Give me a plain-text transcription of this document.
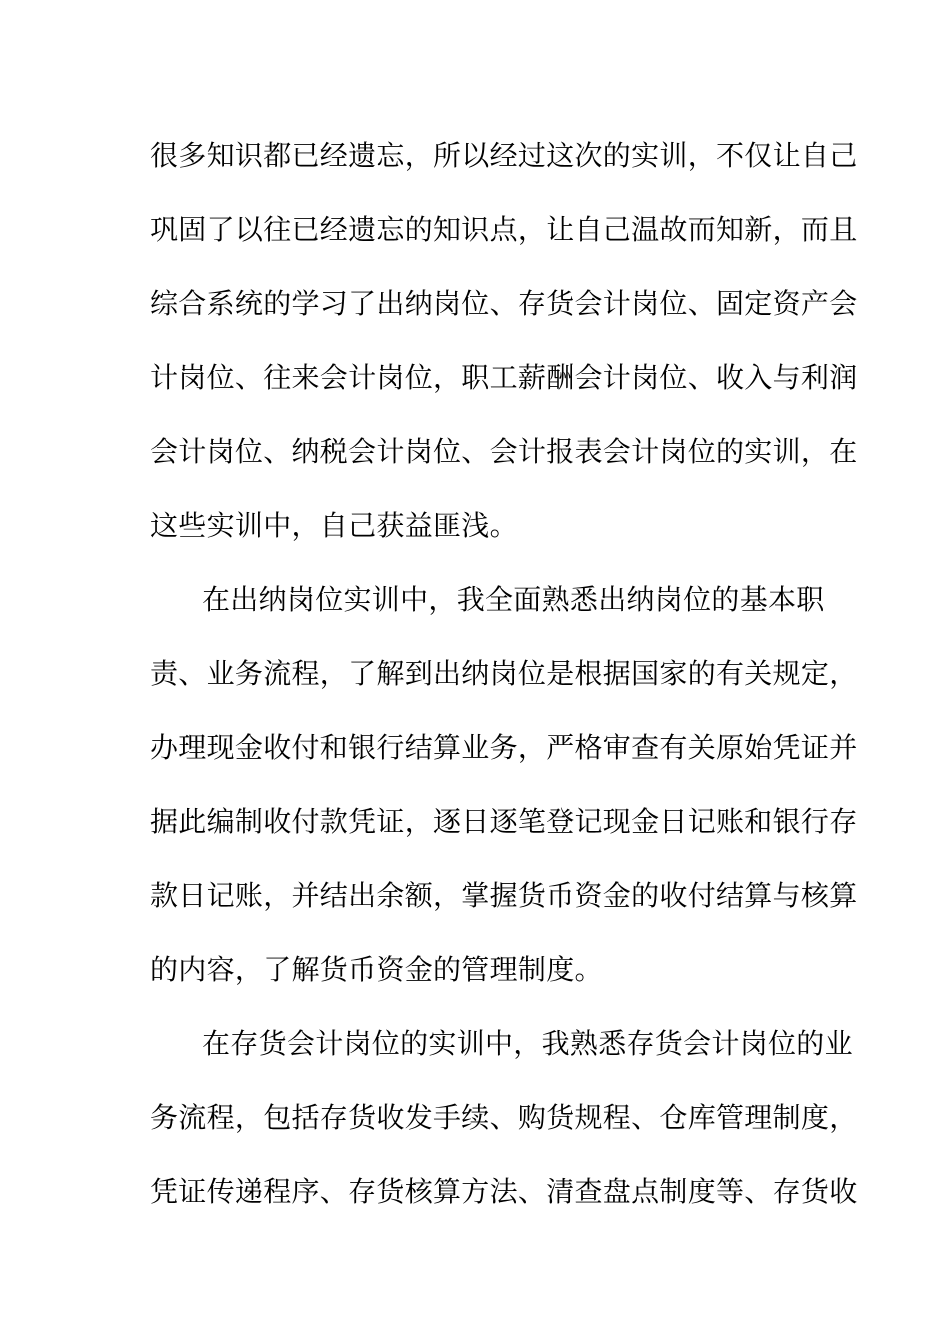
很多知识都已经遗忘，所以经过这次的实训，不仅让自己
巩固了以往已经遗忘的知识点，让自己温故而知新，而且
综合系统的学习了出纳岗位、存货会计岗位、固定资产会
计岗位、往来会计岗位，职工薪酬会计岗位、收入与利润
会计岗位、纳税会计岗位、会计报表会计岗位的实训，在
这些实训中，自己获益匪浅。
在出纳岗位实训中，我全面熟悉出纳岗位的基本职
责、业务流程，了解到出纳岗位是根据国家的有关规定，
办理现金收付和银行结算业务，严格审查有关原始凭证并
据此编制收付款凭证，逐日逐笔登记现金日记账和银行存
款日记账，并结出余额，掌握货币资金的收付结算与核算
的内容，了解货币资金的管理制度。
在存货会计岗位的实训中，我熟悉存货会计岗位的业
务流程，包括存货收发手续、购货规程、仓库管理制度，
凭证传递程序、存货核算方法、清查盘点制度等、存货收
